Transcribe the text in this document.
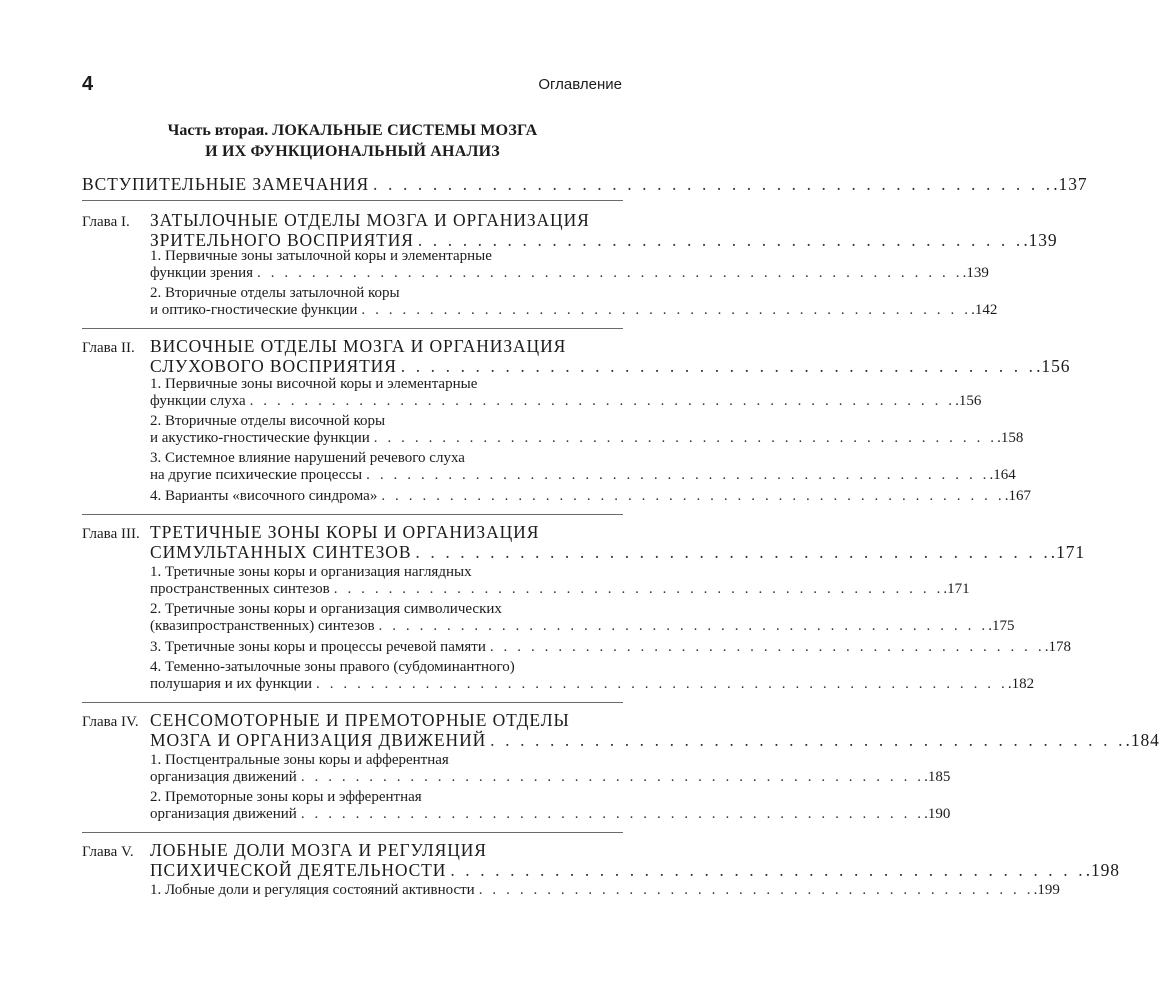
4	Оглавление
Часть вторая. ЛОКАЛЬНЫЕ СИСТЕМЫ МОЗГА
И ИХ ФУНКЦИОНАЛЬНЫЙ АНАЛИЗ
ВСТУПИТЕЛЬНЫЕ ЗАМЕЧАНИЯ . . . . . . . . . . . . . . . . . . . . . . . . . . . . . . . . . . . . . . . . . . . . . . .137
Глава I. ЗАТЫЛОЧНЫЕ ОТДЕЛЫ МОЗГА И ОРГАНИЗАЦИЯ
ЗРИТЕЛЬНОГО ВОСПРИЯТИЯ . . . . . . . . . . . . . . . . . . . . . . . . . . . . . . . . . . . . . . . . . .139
1. Первичные зоны затылочной коры и элементарные
функции зрения . . . . . . . . . . . . . . . . . . . . . . . . . . . . . . . . . . . . . . . . . . . . . . . . . . . . .139
2. Вторичные отделы затылочной коры
и оптико-гностические функции . . . . . . . . . . . . . . . . . . . . . . . . . . . . . . . . . . . . . . . . . . . . . .142
Глава II. ВИСОЧНЫЕ ОТДЕЛЫ МОЗГА И ОРГАНИЗАЦИЯ
СЛУХОВОГО ВОСПРИЯТИЯ . . . . . . . . . . . . . . . . . . . . . . . . . . . . . . . . . . . . . . . . . . . .156
1. Первичные зоны височной коры и элементарные
функции слуха . . . . . . . . . . . . . . . . . . . . . . . . . . . . . . . . . . . . . . . . . . . . . . . . . . . . .156
2. Вторичные отделы височной коры
и акустико-гностические функции . . . . . . . . . . . . . . . . . . . . . . . . . . . . . . . . . . . . . . . . . . . . . . .158
3. Системное влияние нарушений речевого слуха
на другие психические процессы . . . . . . . . . . . . . . . . . . . . . . . . . . . . . . . . . . . . . . . . . . . . . . .164
4. Варианты «височного синдрома» . . . . . . . . . . . . . . . . . . . . . . . . . . . . . . . . . . . . . . . . . . . . . . .167
Глава III. ТРЕТИЧНЫЕ ЗОНЫ КОРЫ И ОРГАНИЗАЦИЯ
СИМУЛЬТАННЫХ СИНТЕЗОВ . . . . . . . . . . . . . . . . . . . . . . . . . . . . . . . . . . . . . . . . . . . .171
1. Третичные зоны коры и организация наглядных
пространственных синтезов . . . . . . . . . . . . . . . . . . . . . . . . . . . . . . . . . . . . . . . . . . . . . .171
2. Третичные зоны коры и организация символических
(квазипространственных) синтезов . . . . . . . . . . . . . . . . . . . . . . . . . . . . . . . . . . . . . . . . . . . . . .175
3. Третичные зоны коры и процессы речевой памяти . . . . . . . . . . . . . . . . . . . . . . . . . . . . . . . . . . . . . . . . . .178
4. Теменно-затылочные зоны правого (субдоминантного)
полушария и их функции . . . . . . . . . . . . . . . . . . . . . . . . . . . . . . . . . . . . . . . . . . . . . . . . . . . .182
Глава IV. СЕНСОМОТОРНЫЕ И ПРЕМОТОРНЫЕ ОТДЕЛЫ
МОЗГА И ОРГАНИЗАЦИЯ ДВИЖЕНИЙ . . . . . . . . . . . . . . . . . . . . . . . . . . . . . . . . . . . . . . . . . . . .184
1. Постцентральные зоны коры и афферентная
организация движений . . . . . . . . . . . . . . . . . . . . . . . . . . . . . . . . . . . . . . . . . . . . . . .185
2. Премоторные зоны коры и эфферентная
организация движений . . . . . . . . . . . . . . . . . . . . . . . . . . . . . . . . . . . . . . . . . . . . . . .190
Глава V. ЛОБНЫЕ ДОЛИ МОЗГА И РЕГУЛЯЦИЯ
ПСИХИЧЕСКОЙ ДЕЯТЕЛЬНОСТИ . . . . . . . . . . . . . . . . . . . . . . . . . . . . . . . . . . . . . . . . . . . .198
1. Лобные доли и регуляция состояний активности . . . . . . . . . . . . . . . . . . . . . . . . . . . . . . . . . . . . . . . . . .199
